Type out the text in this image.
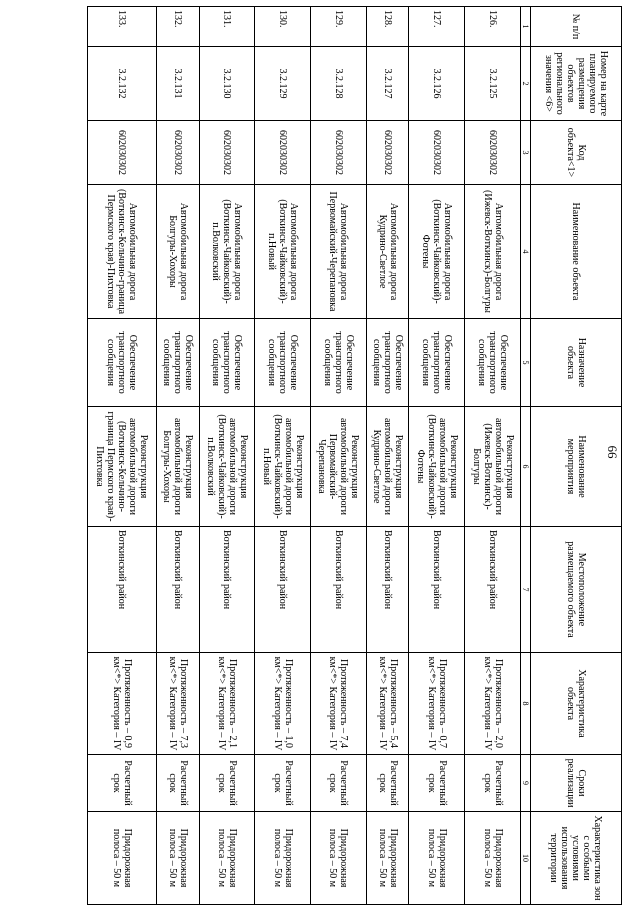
66
№ п/п	Номер на карте планируемого размещения объектов регионального значения <6>	Код объекта<1>	Наименование объекта	Назначение объекта	Наименование мероприятия	Местоположение размещаемого объекта	Характеристика объекта	Сроки реализации	Характеристика зон с особыми условиями использования территории
1	2	3	4	5	6	7	8	9	10
126.	3.2.125	602030302	Автомобильная дорога (Ижевск-Воткинск)-Болгуры	Обеспечение транспортного сообщения	Реконструкция автомобильной дороги (Ижевск-Воткинск)-Болгуры	Воткинский район	Протяженность – 2,0 км<*> Категория – IV	Расчетный срок	Придорожная полоса – 50 м
127.	3.2.126	602030302	Автомобильная дорога (Воткинск-Чайковский)-Фотены	Обеспечение транспортного сообщения	Реконструкция автомобильной дороги (Воткинск-Чайковский)-Фотены	Воткинский район	Протяженность – 0,7 км<*> Категория – IV	Расчетный срок	Придорожная полоса – 50 м
128.	3.2.127	602030302	Автомобильная дорога Кудрино-Светлое	Обеспечение транспортного сообщения	Реконструкция автомобильной дороги Кудрино-Светлое	Воткинский район	Протяженность – 5,4 км<*> Категория – IV	Расчетный срок	Придорожная полоса – 50 м
129.	3.2.128	602030302	Автомобильная дорога Первомайский-Черепановка	Обеспечение транспортного сообщения	Реконструкция автомобильной дороги Первомайский-Черепановка	Воткинский район	Протяженность – 7,4 км<*> Категория – IV	Расчетный срок	Придорожная полоса – 50 м
130.	3.2.129	602030302	Автомобильная дорога (Воткинск-Чайковский)-п.Новый	Обеспечение транспортного сообщения	Реконструкция автомобильной дороги (Воткинск-Чайковский)-п.Новый	Воткинский район	Протяженность – 1,0 км<*> Категория – IV	Расчетный срок	Придорожная полоса – 50 м
131.	3.2.130	602030302	Автомобильная дорога (Воткинск-Чайковский)-п.Волковский	Обеспечение транспортного сообщения	Реконструкция автомобильной дороги (Воткинск-Чайковский)-п.Волковский	Воткинский район	Протяженность – 2,1 км<*> Категория – IV	Расчетный срок	Придорожная полоса – 50 м
132.	3.2.131	602030302	Автомобильная дорога Болгуры-Хохоры	Обеспечение транспортного сообщения	Реконструкция автомобильной дороги Болгуры-Хохоры	Воткинский район	Протяженность – 7,3 км<*> Категория – IV	Расчетный срок	Придорожная полоса – 50 м
133.	3.2.132	602030302	Автомобильная дорога (Воткинск-Кельчино-граница Пермского края)-Пихтовка	Обеспечение транспортного сообщения	Реконструкция автомобильной дороги (Воткинск-Кельчино-граница Пермского края)-Пихтовка	Воткинский район	Протяженность – 0,9 км<*> Категория – IV	Расчетный срок	Придорожная полоса – 50 м
